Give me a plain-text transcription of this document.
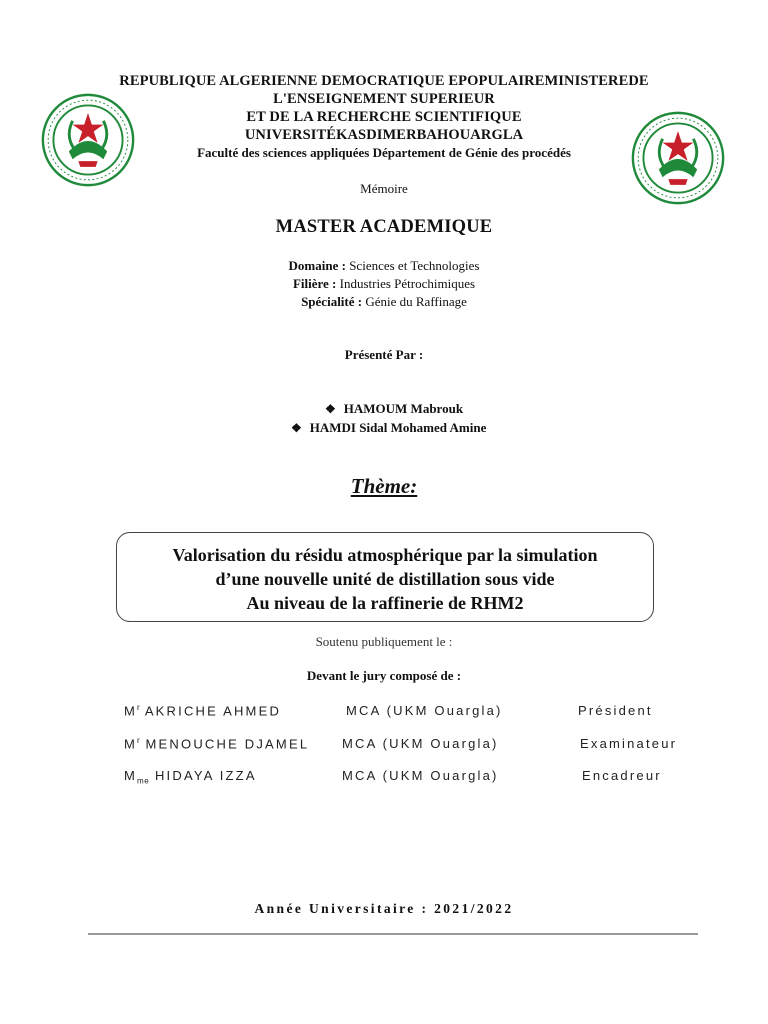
REPUBLIQUE ALGERIENNE DEMOCRATIQUE EPOPULAIREMINISTEREDE
L'ENSEIGNEMENT SUPERIEUR
ET DE LA RECHERCHE SCIENTIFIQUE
UNIVERSITÉKASDIMERBAHOUARGLA
Faculté des sciences appliquées Département de Génie des procédés
Mémoire
MASTER ACADEMIQUE
Domaine : Sciences et Technologies
Filière : Industries Pétrochimiques
Spécialité : Génie du Raffinage
Présenté Par :
❖ HAMOUM Mabrouk
❖ HAMDI Sidal Mohamed Amine
Thème:
Valorisation du résidu atmosphérique par la simulation
d’une nouvelle unité de distillation sous vide
Au niveau de la raffinerie de RHM2
Soutenu publiquement le :
Devant le jury composé de :
$M^r$ AKRICHE AHMED	MCA (UKM Ouargla)	Président
$M^r$ MENOUCHE DJAMEL	MCA (UKM Ouargla)	Examinateur
$M_{me}$ HIDAYA IZZA	MCA (UKM Ouargla)	Encadreur
Année Universitaire : 2021/2022
